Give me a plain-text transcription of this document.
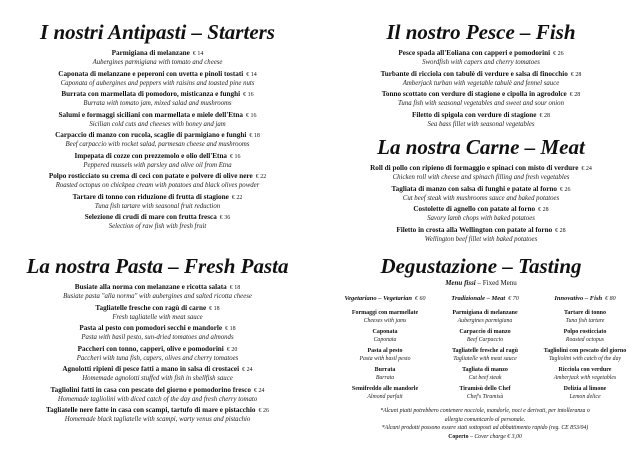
I nostri Antipasti – Starters
Parmigiana di melanzane € 14
Aubergines parmigiana with tomato and cheese
Caponata di melanzane e peperoni con uvetta e pinoli tostati € 14
Caponata of aubergines and peppers with raisins and toasted pine nuts
Burrata con marmellata di pomodoro, misticanza e funghi € 16
Burrata with tomato jam, mixed salad and mushrooms
Salumi e formaggi siciliani con marmellata e miele dell'Etna € 16
Sicilian cold cuts and cheeses with honey and jam
Carpaccio di manzo con rucola, scaglie di parmigiano e funghi € 18
Beef carpaccio with rocket salad, parmesan cheese and mushrooms
Impepata di cozze con prezzemolo e olio dell'Etna € 16
Peppered mussels with parsley and olive oil from Etna
Polpo rosticciato su crema di ceci con patate e polvere di olive nere € 22
Roasted octopus on chickpea cream with potatoes and black olives powder
Tartare di tonno con riduzione di frutta di stagione € 22
Tuna fish tartare with seasonal fruit reduction
Selezione di crudi di mare con frutta fresca € 36
Selection of raw fish with fresh fruit
La nostra Pasta – Fresh Pasta
Busiate alla norma con melanzane e ricotta salata € 18
Busiate pasta "alla norma" with aubergines and salted ricotta cheese
Tagliatelle fresche con ragù di carne € 18
Fresh tagliatelle with meat sauce
Pasta al pesto con pomodori secchi e mandorle € 18
Pasta with basil pesto, sun-dried tomatoes and almonds
Paccheri con tonno, capperi, olive e pomodorini € 20
Paccheri with tuna fish, capers, olives and cherry tomatoes
Agnolotti ripieni di pesce fatti a mano in salsa di crostacei € 24
Homemade agnolotti stuffed with fish in shellfish sauce
Tagliolini fatti in casa con pescato del giorno e pomodorino fresco € 24
Homemade tagliolini with diced catch of the day and fresh cherry tomato
Tagliatelle nere fatte in casa con scampi, tartufo di mare e pistacchio € 26
Homemade black tagliatelle with scampi, warty venus and pistachio
Il nostro Pesce – Fish
Pesce spada all'Eoliana con capperi e pomodorini € 26
Swordfish with capers and cherry tomatoes
Turbante di ricciola con tabulè di verdure e salsa di finocchio € 28
Amberjack turban with vegetable tabulè and fennel sauce
Tonno scottato con verdure di stagione e cipolla in agrodolce € 28
Tuna fish with seasonal vegetables and sweet and sour onion
Filetto di spigola con verdure di stagione € 28
Sea bass fillet with seasonal vegetables
La nostra Carne – Meat
Roll di pollo con ripieno di formaggio e spinaci con misto di verdure € 24
Chicken roll with cheese and spinach filling and fresh vegetables
Tagliata di manzo con salsa di funghi e patate al forno € 26
Cut beef steak with mushrooms sauce and baked potatoes
Costolette di agnello con patate al forno € 28
Savory lamb chops with baked potatoes
Filetto in crosta alla Wellington con patate al forno € 28
Wellington beef fillet with baked potatoes
Degustazione – Tasting
Menu fissi – Fixed Menu
Vegetariano – Vegetarian € 60
Formaggi con marmellate
Cheeses with jams
Caponata
Caponata
Pasta al pesto
Pasta with basil pesto
Burrata
Burrata
Semifreddo alle mandorle
Almond parfait
Tradizionale – Meat € 70
Parmigiana di melanzane
Aubergines parmigiana
Carpaccio di manzo
Beef Carpaccio
Tagliatelle fresche al ragù
Tagliatelle with meat sauce
Tagliata di manzo
Cut beef steak
Tiramisù dello Chef
Chef's Tiramisù
Innovativo – Fish € 80
Tartare di tonno
Tuna fish tartare
Polpo rosticciato
Roasted octopus
Tagliolini con pescato del giorno
Tagliolini with catch of the day
Ricciola con verdure
Amberjack with vegetables
Delizia al limone
Lemon delice
*Alcuni piatti potrebbero contenere nocciole, mandorle, noci e derivati, per intolleranza o allergia comunicarlo al personale.
*Alcuni prodotti possono essere stati sottoposti ad abbattimento rapido (reg. CE 853/04)
Coperto – Cover charge € 3,00
